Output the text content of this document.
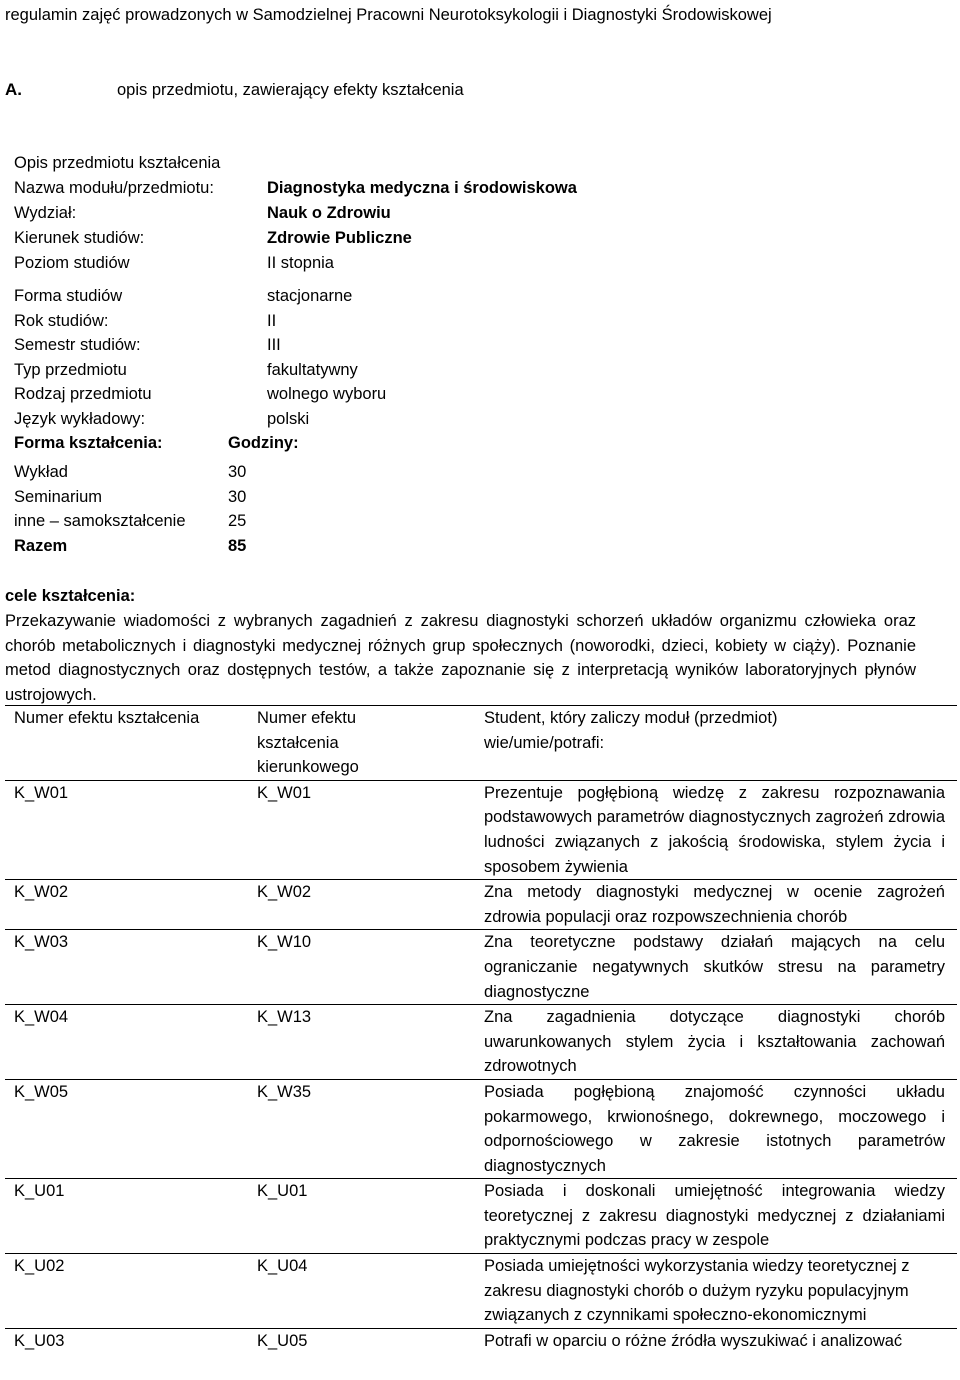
regulamin zajęć prowadzonych w Samodzielnej Pracowni Neurotoksykologii i Diagnostyki Środowiskowej
A.	opis przedmiotu, zawierający efekty kształcenia
Opis przedmiotu kształcenia
Nazwa modułu/przedmiotu:	Diagnostyka medyczna i środowiskowa
Wydział:	Nauk o Zdrowiu
Kierunek studiów:	Zdrowie Publiczne
Poziom studiów	II stopnia
Forma studiów	stacjonarne
Rok studiów:	II
Semestr studiów:	III
Typ przedmiotu	fakultatywny
Rodzaj przedmiotu	wolnego wyboru
Język wykładowy:	polski
Forma kształcenia:	Godziny:
Wykład	30
Seminarium	30
inne – samokształcenie	25
Razem	85
cele kształcenia:
Przekazywanie wiadomości z wybranych zagadnień z zakresu diagnostyki schorzeń układów organizmu człowieka oraz chorób metabolicznych i diagnostyki medycznej różnych grup społecznych (noworodki, dzieci, kobiety w ciąży). Poznanie metod diagnostycznych oraz dostępnych testów, a także zapoznanie się z interpretacją wyników laboratoryjnych płynów ustrojowych.
Numer efektu kształcenia	Numer efektu kształcenia kierunkowego	Student, który zaliczy moduł (przedmiot) wie/umie/potrafi:
K_W01	K_W01	Prezentuje pogłębioną wiedzę z zakresu rozpoznawania podstawowych parametrów diagnostycznych zagrożeń zdrowia ludności związanych z jakością środowiska, stylem życia i sposobem żywienia
K_W02	K_W02	Zna metody diagnostyki medycznej w ocenie zagrożeń zdrowia populacji oraz rozpowszechnienia chorób
K_W03	K_W10	Zna teoretyczne podstawy działań mających na celu ograniczanie negatywnych skutków stresu na parametry diagnostyczne
K_W04	K_W13	Zna zagadnienia dotyczące diagnostyki chorób uwarunkowanych stylem życia i kształtowania zachowań zdrowotnych
K_W05	K_W35	Posiada pogłębioną znajomość czynności układu pokarmowego, krwionośnego, dokrewnego, moczowego i odpornościowego w zakresie istotnych parametrów diagnostycznych
K_U01	K_U01	Posiada i doskonali umiejętność integrowania wiedzy teoretycznej z zakresu diagnostyki medycznej z działaniami praktycznymi podczas pracy w zespole
K_U02	K_U04	Posiada umiejętności wykorzystania wiedzy teoretycznej z zakresu diagnostyki chorób o dużym ryzyku populacyjnym związanych z czynnikami społeczno-ekonomicznymi
K_U03	K_U05	Potrafi w oparciu o różne źródła wyszukiwać i analizować
